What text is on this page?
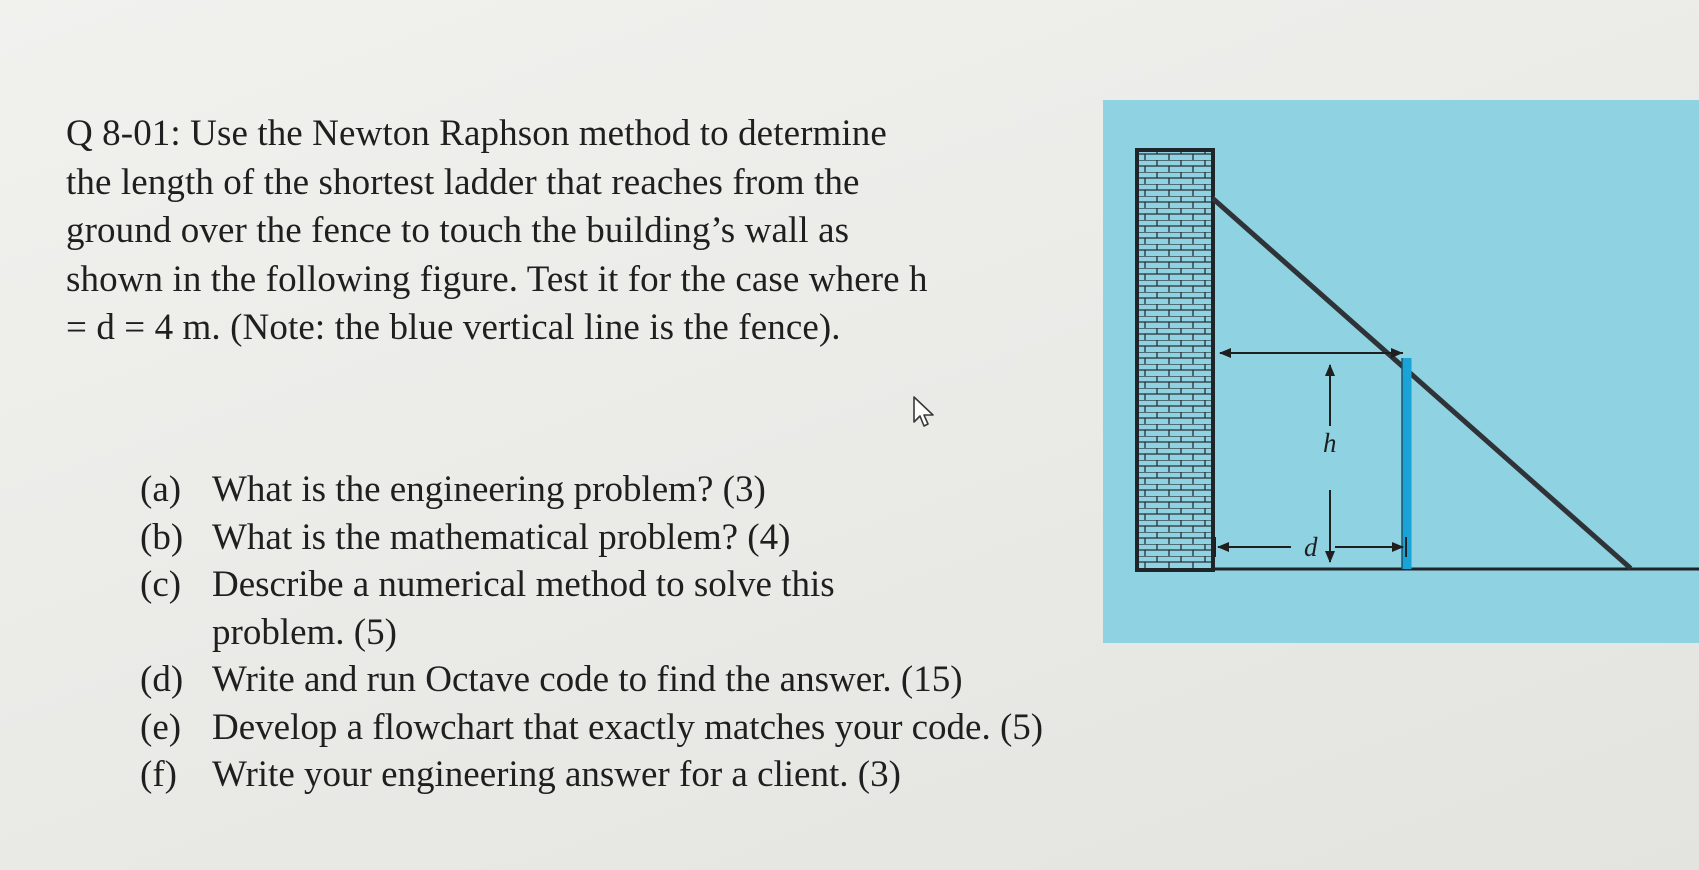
Q 8-01: Use the Newton Raphson method to determine
the length of the shortest ladder that reaches from the
ground over the fence to touch the building’s wall as
shown in the following figure. Test it for the case where h
= d = 4 m. (Note: the blue vertical line is the fence).
(a) What is the engineering problem? (3)
(b) What is the mathematical problem? (4)
(c) Describe a numerical method to solve this
problem. (5)
(d) Write and run Octave code to find the answer. (15)
(e) Develop a flowchart that exactly matches your code. (5)
(f) Write your engineering answer for a client. (3)
h
d
